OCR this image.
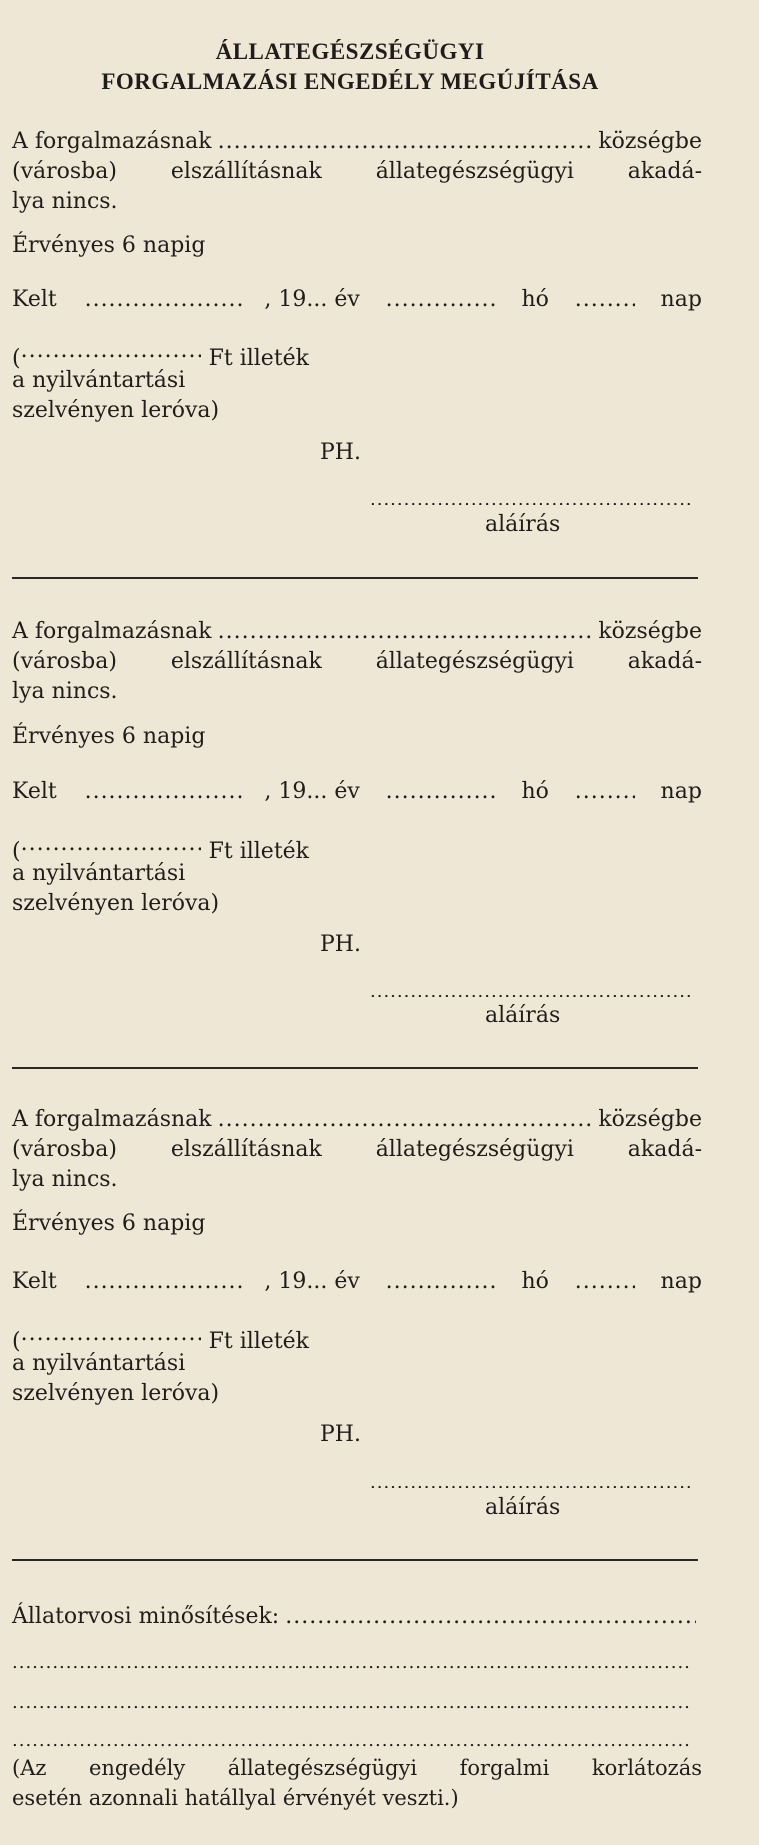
ÁLLATEGÉSZSÉGÜGYI
FORGALMAZÁSI ENGEDÉLY MEGÚJÍTÁSA
A forgalmazásnak .....	községbe
(városba) elszállításnak állategészségügyi akadá-
lya nincs.
Érvényes 6 napig
Kelt .....	, 19... év .....	hó .....	nap
( .....	Ft illeték
a nyilvántartási
szelvényen leróva)
PH.
.....
aláírás
A forgalmazásnak .....	községbe
(városba) elszállításnak állategészségügyi akadá-
lya nincs.
Érvényes 6 napig
Kelt .....	, 19... év .....	hó .....	nap
( .....	Ft illeték
a nyilvántartási
szelvényen leróva)
PH.
.....
aláírás
A forgalmazásnak .....	községbe
(városba) elszállításnak állategészségügyi akadá-
lya nincs.
Érvényes 6 napig
Kelt .....	, 19... év .....	hó .....	nap
( .....	Ft illeték
a nyilvántartási
szelvényen leróva)
PH.
.....
aláírás
Állatorvosi minősítések:
.....
.....
.....
.....
(Az engedély állategészségügyi forgalmi korlátozás
esetén azonnali hatállyal érvényét veszti.)
